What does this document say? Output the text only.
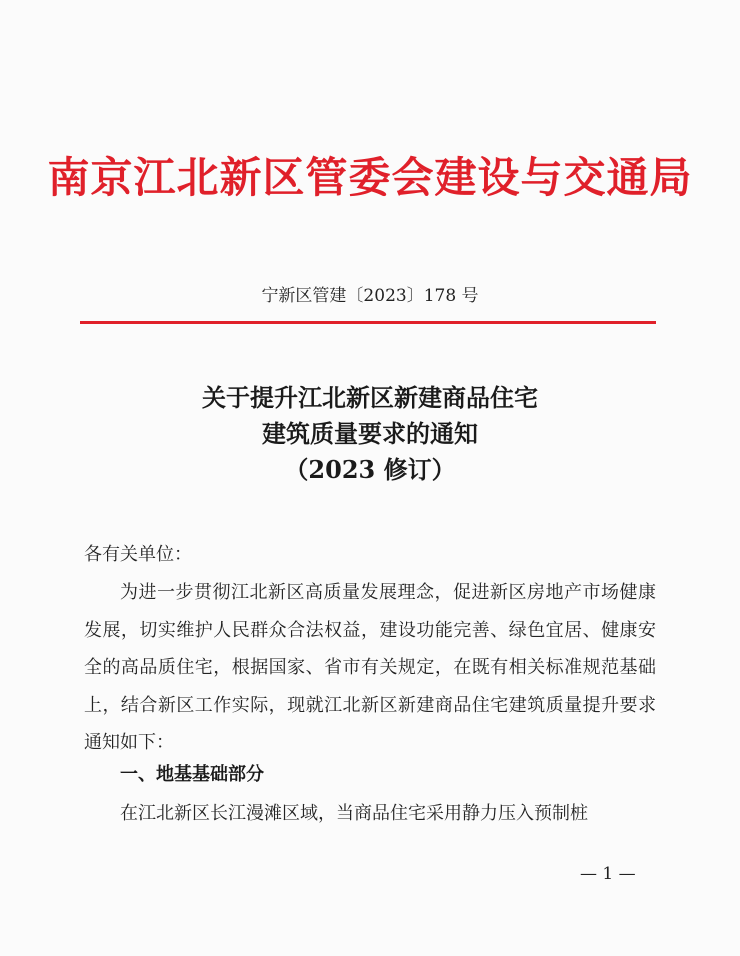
南京江北新区管委会建设与交通局
宁新区管建〔2023〕178 号
关于提升江北新区新建商品住宅
建筑质量要求的通知
（2023 修订）
各有关单位：
为进一步贯彻江北新区高质量发展理念，促进新区房地产市场健康发展，切实维护人民群众合法权益，建设功能完善、绿色宜居、健康安全的高品质住宅，根据国家、省市有关规定，在既有相关标准规范基础上，结合新区工作实际，现就江北新区新建商品住宅建筑质量提升要求通知如下：
一、地基基础部分
在江北新区长江漫滩区域，当商品住宅采用静力压入预制桩
— 1 —
